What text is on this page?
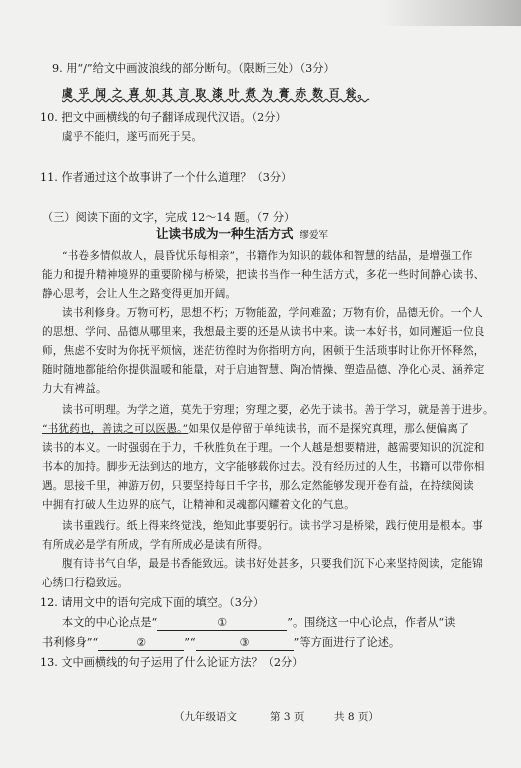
9. 用“/”给文中画波浪线的部分断句。（限断三处）（3分）
虞 乎 闻 之 喜 如 其 言 取 漆 叶 煮 为 膏 赤 数 百 瓮。
10. 把文中画横线的句子翻译成现代汉语。（2分）
虞乎不能归，遂丐而死于吴。
11. 作者通过这个故事讲了一个什么道理？（3分）
（三）阅读下面的文字，完成 12～14 题。（7 分）
让读书成为一种生活方式 缪爱军
“书卷多情似故人，晨昏忧乐每相亲”，书籍作为知识的载体和智慧的结晶，是增强工作
能力和提升精神境界的重要阶梯与桥梁，把读书当作一种生活方式，多花一些时间静心读书、
静心思考，会让人生之路变得更加开阔。
读书利修身。万物可朽，思想不朽；万物能盈，学问难盈；万物有价，品德无价。一个人
的思想、学问、品德从哪里来，我想最主要的还是从读书中来。读一本好书，如同邂逅一位良
师，焦虑不安时为你抚平烦恼，迷茫彷徨时为你指明方向，困顿于生活琐事时让你开怀释然，
随时随地都能给你提供温暖和能量，对于启迪智慧、陶冶情操、塑造品德、净化心灵、涵养定
力大有裨益。
读书可明理。为学之道，莫先于穷理；穷理之要，必先于读书。善于学习，就是善于进步。
“书犹药也，善读之可以医愚。”如果仅是停留于单纯读书，而不是探究真理，那么便偏离了
读书的本义。一时强弱在于力，千秋胜负在于理。一个人越是想要精进，越需要知识的沉淀和
书本的加持。脚步无法到达的地方，文字能够载你过去。没有经历过的人生，书籍可以带你相
遇。思接千里，神游万仞，只要坚持每日千字书，那么定然能够发现开卷有益，在持续阅读
中拥有打破人生边界的底气，让精神和灵魂都闪耀着文化的气息。
读书重践行。纸上得来终觉浅，绝知此事要躬行。读书学习是桥梁，践行使用是根本。事
有所成必是学有所成，学有所成必是读有所得。
腹有诗书气自华，最是书香能致远。读书好处甚多，只要我们沉下心来坚持阅读，定能锦
心绣口行稳致远。
12. 请用文中的语句完成下面的填空。（3分）
本文的中心论点是“	①	”。围绕这一中心论点，作者从“读
书利修身”“	②	”“	③	”等方面进行了论述。
13. 文中画横线的句子运用了什么论证方法？（2分）
（九年级语文	第 3 页	共 8 页）
